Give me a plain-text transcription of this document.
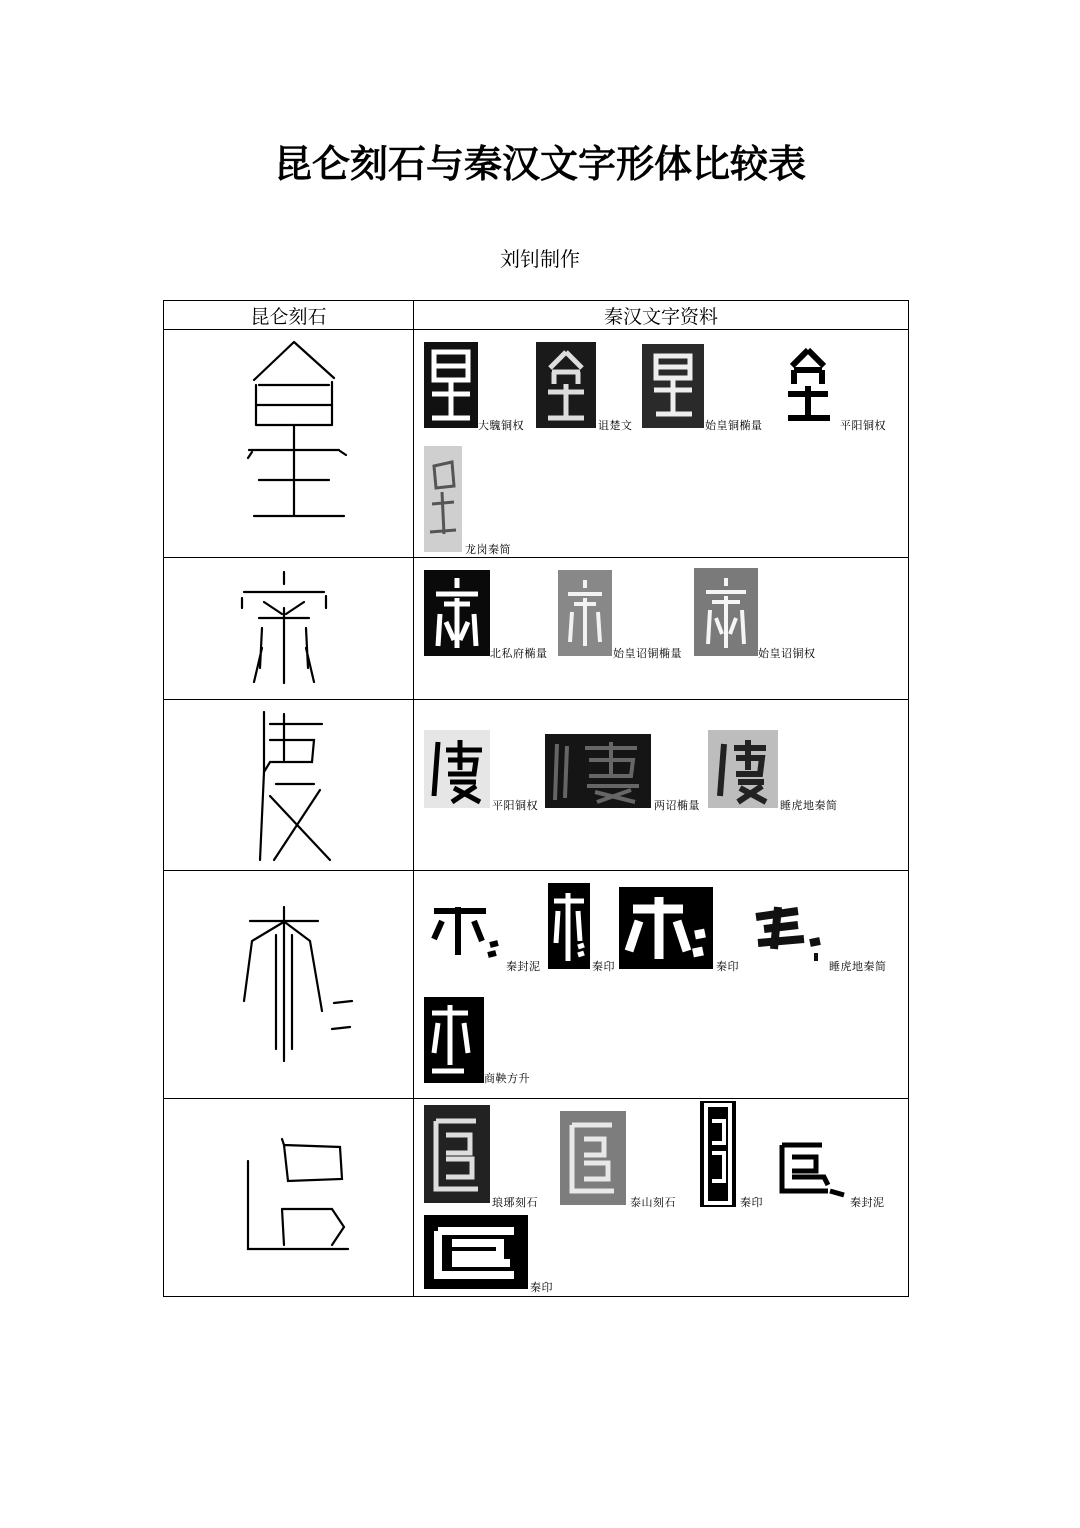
昆仑刻石与秦汉文字形体比较表
刘钊制作
昆仑刻石	秦汉文字资料

大騩铜权 诅楚文 始皇铜椭量 平阳铜权
龙岗秦简

北私府椭量 始皇诏铜椭量 始皇诏铜权

平阳铜权 两诏椭量 睡虎地秦简

秦封泥 秦印 秦印 睡虎地秦简
商鞅方升

琅琊刻石 泰山刻石 秦印 秦封泥
秦印
